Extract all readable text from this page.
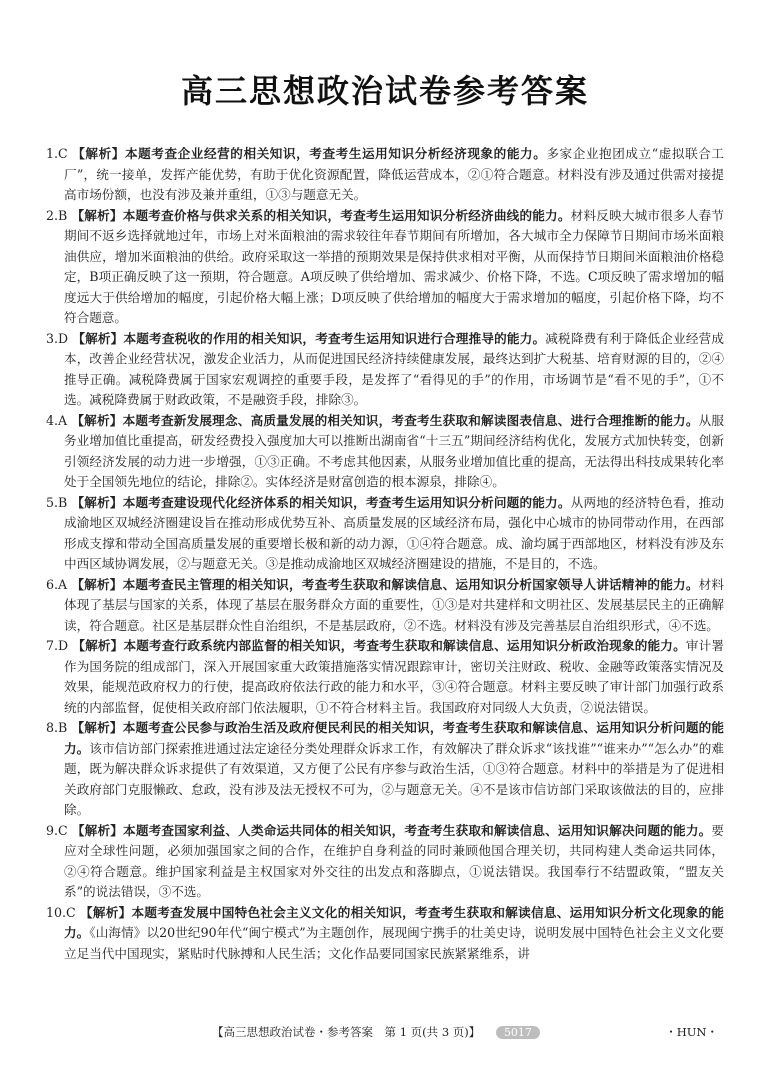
高三思想政治试卷参考答案

1.C 【解析】本题考查企业经营的相关知识，考查考生运用知识分析经济现象的能力。多家企业抱团成立“虚拟联合工厂”，统一接单，发挥产能优势，有助于优化资源配置，降低运营成本，②①符合题意。材料没有涉及通过供需对接提高市场份额，也没有涉及兼并重组，①③与题意无关。

2.B 【解析】本题考查价格与供求关系的相关知识，考查考生运用知识分析经济曲线的能力。材料反映大城市很多人春节期间不返乡选择就地过年，市场上对米面粮油的需求较往年春节期间有所增加，各大城市全力保障节日期间市场米面粮油供应，增加米面粮油的供给。政府采取这一举措的预期效果是保持供求相对平衡，从而保持节日期间米面粮油价格稳定，B项正确反映了这一预期，符合题意。A项反映了供给增加、需求减少、价格下降，不选。C项反映了需求增加的幅度远大于供给增加的幅度，引起价格大幅上涨；D项反映了供给增加的幅度大于需求增加的幅度，引起价格下降，均不符合题意。

3.D 【解析】本题考查税收的作用的相关知识，考查考生运用知识进行合理推导的能力。减税降费有利于降低企业经营成本，改善企业经营状况，激发企业活力，从而促进国民经济持续健康发展，最终达到扩大税基、培育财源的目的，②④推导正确。减税降费属于国家宏观调控的重要手段，是发挥了“看得见的手”的作用，市场调节是“看不见的手”，①不选。减税降费属于财政政策，不是融资手段，排除③。

4.A 【解析】本题考查新发展理念、高质量发展的相关知识，考查考生获取和解读图表信息、进行合理推断的能力。从服务业增加值比重提高，研发经费投入强度加大可以推断出湖南省“十三五”期间经济结构优化，发展方式加快转变，创新引领经济发展的动力进一步增强，①③正确。不考虑其他因素，从服务业增加值比重的提高，无法得出科技成果转化率处于全国领先地位的结论，排除②。实体经济是财富创造的根本源泉，排除④。

5.B 【解析】本题考查建设现代化经济体系的相关知识，考查考生运用知识分析问题的能力。从两地的经济特色看，推动成渝地区双城经济圈建设旨在推动形成优势互补、高质量发展的区域经济布局，强化中心城市的协同带动作用，在西部形成支撑和带动全国高质量发展的重要增长极和新的动力源，①④符合题意。成、渝均属于西部地区，材料没有涉及东中西区域协调发展，②与题意无关。③是推动成渝地区双城经济圈建设的措施，不是目的，不选。

6.A 【解析】本题考查民主管理的相关知识，考查考生获取和解读信息、运用知识分析国家领导人讲话精神的能力。材料体现了基层与国家的关系，体现了基层在服务群众方面的重要性，①③是对共建样和文明社区、发展基层民主的正确解读，符合题意。社区是基层群众性自治组织，不是基层政府，②不选。材料没有涉及完善基层自治组织形式，④不选。

7.D 【解析】本题考查行政系统内部监督的相关知识，考查考生获取和解读信息、运用知识分析政治现象的能力。审计署作为国务院的组成部门，深入开展国家重大政策措施落实情况跟踪审计，密切关注财政、税收、金融等政策落实情况及效果，能规范政府权力的行使，提高政府依法行政的能力和水平，③④符合题意。材料主要反映了审计部门加强行政系统的内部监督，促使相关政府部门依法履职，①不符合材料主旨。我国政府对同级人大负责，②说法错误。

8.B 【解析】本题考查公民参与政治生活及政府便民利民的相关知识，考查考生获取和解读信息、运用知识分析问题的能力。该市信访部门探索推进通过法定途径分类处理群众诉求工作，有效解决了群众诉求“该找谁”“谁来办”“怎么办”的难题，既为解决群众诉求提供了有效渠道，又方便了公民有序参与政治生活，①③符合题意。材料中的举措是为了促进相关政府部门克服懒政、怠政，没有涉及法无授权不可为，②与题意无关。④不是该市信访部门采取该做法的目的，应排除。

9.C 【解析】本题考查国家利益、人类命运共同体的相关知识，考查考生获取和解读信息、运用知识解决问题的能力。要应对全球性问题，必须加强国家之间的合作，在维护自身利益的同时兼顾他国合理关切，共同构建人类命运共同体，②④符合题意。维护国家利益是主权国家对外交往的出发点和落脚点，①说法错误。我国奉行不结盟政策，“盟友关系”的说法错误，③不选。

10.C 【解析】本题考查发展中国特色社会主义文化的相关知识，考查考生获取和解读信息、运用知识分析文化现象的能力。《山海情》以20世纪90年代“闽宁模式”为主题创作，展现闽宁携手的壮美史诗，说明发展中国特色社会主义文化要立足当代中国现实，紧贴时代脉搏和人民生活；文化作品要同国家民族紧紧维系，讲

【高三思想政治试卷・参考答案　第 1 页(共 3 页)】 5017	・HUN・
